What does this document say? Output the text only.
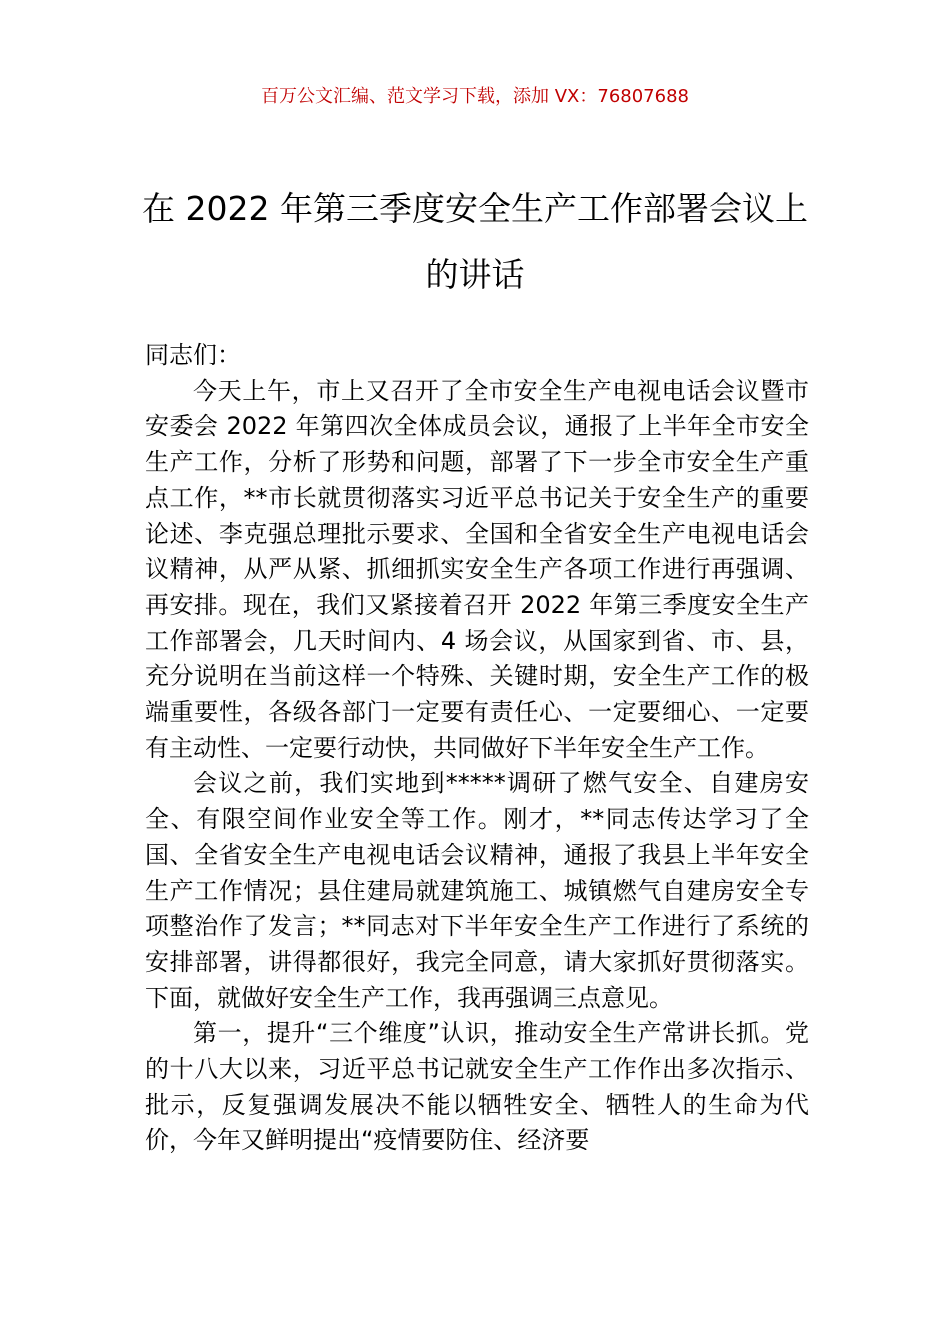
百万公文汇编、范文学习下载，添加 VX：76807688
在 2022 年第三季度安全生产工作部署会议上的讲话

同志们：

今天上午，市上又召开了全市安全生产电视电话会议暨市安委会 2022 年第四次全体成员会议，通报了上半年全市安全生产工作，分析了形势和问题，部署了下一步全市安全生产重点工作，**市长就贯彻落实习近平总书记关于安全生产的重要论述、李克强总理批示要求、全国和全省安全生产电视电话会议精神，从严从紧、抓细抓实安全生产各项工作进行再强调、再安排。现在，我们又紧接着召开 2022 年第三季度安全生产工作部署会，几天时间内、4 场会议，从国家到省、市、县，充分说明在当前这样一个特殊、关键时期，安全生产工作的极端重要性，各级各部门一定要有责任心、一定要细心、一定要有主动性、一定要行动快，共同做好下半年安全生产工作。

会议之前，我们实地到*****调研了燃气安全、自建房安全、有限空间作业安全等工作。刚才，**同志传达学习了全国、全省安全生产电视电话会议精神，通报了我县上半年安全生产工作情况；县住建局就建筑施工、城镇燃气自建房安全专项整治作了发言；**同志对下半年安全生产工作进行了系统的安排部署，讲得都很好，我完全同意，请大家抓好贯彻落实。下面，就做好安全生产工作，我再强调三点意见。

第一，提升“三个维度”认识，推动安全生产常讲长抓。党的十八大以来，习近平总书记就安全生产工作作出多次指示、批示，反复强调发展决不能以牺牲安全、牺牲人的生命为代价，今年又鲜明提出“疫情要防住、经济要
